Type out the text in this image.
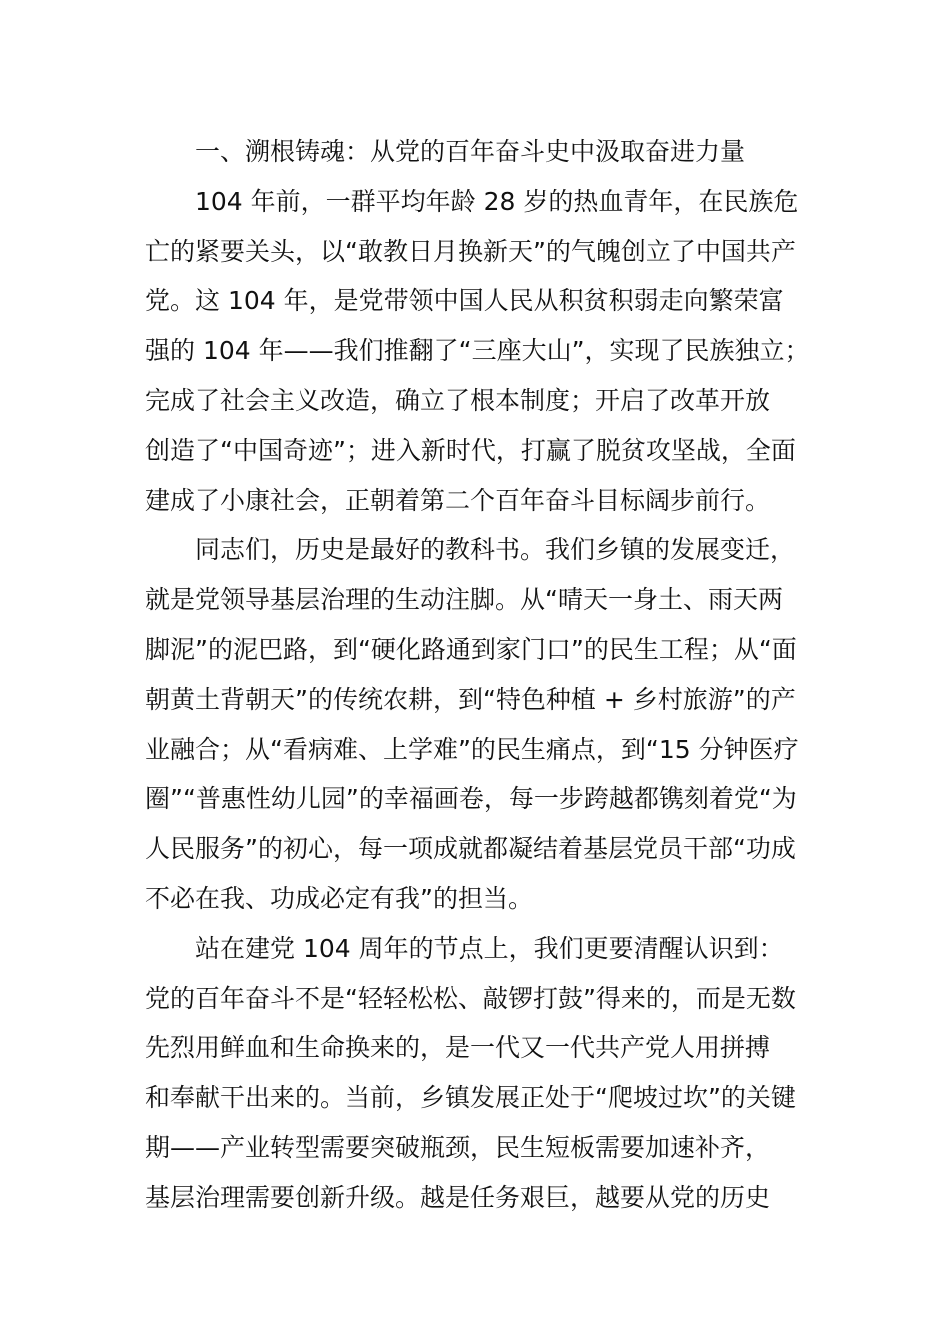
一、溯根铸魂：从党的百年奋斗史中汲取奋进力量
104 年前，一群平均年龄 28 岁的热血青年，在民族危
亡的紧要关头，以“敢教日月换新天”的气魄创立了中国共产
党。这 104 年，是党带领中国人民从积贫积弱走向繁荣富
强的 104 年——我们推翻了“三座大山”，实现了民族独立；
完成了社会主义改造，确立了根本制度；开启了改革开放
创造了“中国奇迹”；进入新时代，打赢了脱贫攻坚战，全面
建成了小康社会，正朝着第二个百年奋斗目标阔步前行。
同志们，历史是最好的教科书。我们乡镇的发展变迁，
就是党领导基层治理的生动注脚。从“晴天一身土、雨天两
脚泥”的泥巴路，到“硬化路通到家门口”的民生工程；从“面
朝黄土背朝天”的传统农耕，到“特色种植 + 乡村旅游”的产
业融合；从“看病难、上学难”的民生痛点，到“15 分钟医疗
圈”“普惠性幼儿园”的幸福画卷，每一步跨越都镌刻着党“为
人民服务”的初心，每一项成就都凝结着基层党员干部“功成
不必在我、功成必定有我”的担当。
站在建党 104 周年的节点上，我们更要清醒认识到：
党的百年奋斗不是“轻轻松松、敲锣打鼓”得来的，而是无数
先烈用鲜血和生命换来的，是一代又一代共产党人用拼搏
和奉献干出来的。当前，乡镇发展正处于“爬坡过坎”的关键
期——产业转型需要突破瓶颈，民生短板需要加速补齐，
基层治理需要创新升级。越是任务艰巨，越要从党的历史
